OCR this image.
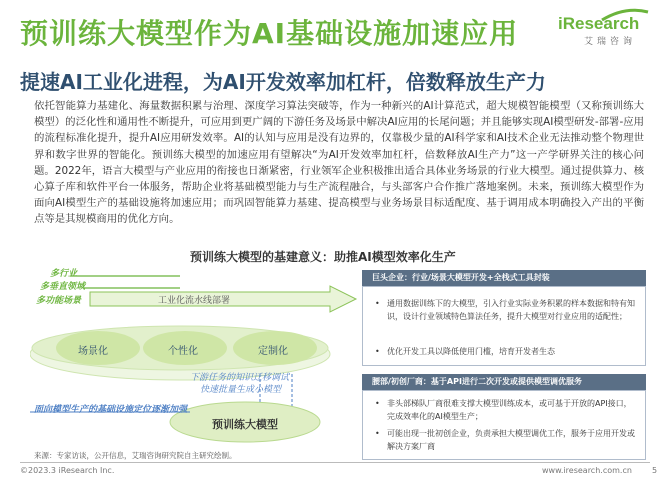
预训练大模型作为AI基础设施加速应用 iResearch
艾瑞咨询
提速AI工业化进程，为AI开发效率加杠杆，倍数释放生产力
依托智能算力基建化、海量数据积累与治理、深度学习算法突破等，作为一种新兴的AI计算范式，超大规模智能模型（又称预训练大模型）的泛化性和通用性不断提升，可应用到更广阔的下游任务及场景中解决AI应用的长尾问题；并且能够实现AI模型研发-部署-应用的流程标准化提升，提升AI应用研发效率。AI的认知与应用是没有边界的，仅靠极少量的AI科学家和AI技术企业无法推动整个物理世界和数字世界的智能化。预训练大模型的加速应用有望解决“为AI开发效率加杠杆，倍数释放AI生产力”这一产学研界关注的核心问题。2022年，语言大模型与产业应用的衔接也日渐紧密，行业领军企业积极推出适合具体业务场景的行业大模型。通过提供算力、核心算子库和软件平台一体服务，帮助企业将基础模型能力与生产流程融合，与头部客户合作推广落地案例。未来，预训练大模型作为面向AI模型生产的基础设施将加速应用；而巩固智能算力基建、提高模型与业务场景目标适配度、基于调用成本明确投入产出的平衡点等是其规模商用的优化方向。
预训练大模型的基建意义：助推AI模型效率化生产
多行业
多垂直领域
多功能场景	工业化流水线部署
场景化	个性化	定制化
下游任务的知识迁移调试
快速批量生成小模型
面向模型生产的基础设施定位逐渐加强
预训练大模型
巨头企业：行业/场景大模型开发+全栈式工具封装
• 通用数据训练下的大模型，引入行业实际业务积累的样本数据和特有知识，设计行业领域特色算法任务，提升大模型对行业应用的适配性；
• 优化开发工具以降低使用门槛，培育开发者生态
腰部/初创厂商：基于API进行二次开发或提供模型调优服务
• 非头部梯队厂商很难支撑大模型训练成本，或可基于开放的API接口，完成效率化的AI模型生产；
• 可能出现一批初创企业，负责承担大模型调优工作，服务于应用开发或解决方案厂商
来源：专家访谈，公开信息，艾瑞咨询研究院自主研究绘制。
©2023.3 iResearch Inc.	www.iresearch.com.cn	5
